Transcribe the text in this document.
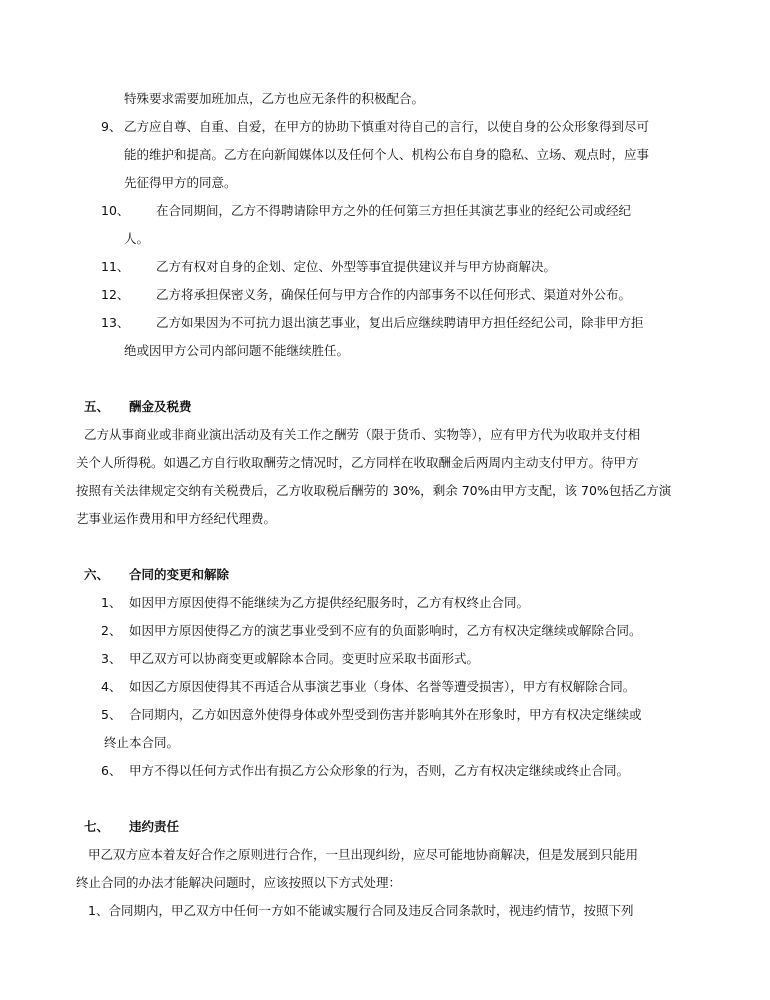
特殊要求需要加班加点，乙方也应无条件的积极配合。
9、 乙方应自尊、自重、自爱，在甲方的协助下慎重对待自己的言行，以使自身的公众形象得到尽可
能的维护和提高。乙方在向新闻媒体以及任何个人、机构公布自身的隐私、立场、观点时，应事
先征得甲方的同意。
10、 在合同期间，乙方不得聘请除甲方之外的任何第三方担任其演艺事业的经纪公司或经纪
人。
11、 乙方有权对自身的企划、定位、外型等事宜提供建议并与甲方协商解决。
12、 乙方将承担保密义务，确保任何与甲方合作的内部事务不以任何形式、渠道对外公布。
13、 乙方如果因为不可抗力退出演艺事业，复出后应继续聘请甲方担任经纪公司，除非甲方拒
绝或因甲方公司内部问题不能继续胜任。
五、 酬金及税费
乙方从事商业或非商业演出活动及有关工作之酬劳（限于货币、实物等），应有甲方代为收取并支付相
关个人所得税。如遇乙方自行收取酬劳之情况时，乙方同样在收取酬金后两周内主动支付甲方。待甲方
按照有关法律规定交纳有关税费后，乙方收取税后酬劳的 30%，剩余 70%由甲方支配，该 70%包括乙方演
艺事业运作费用和甲方经纪代理费。
六、 合同的变更和解除
1、 如因甲方原因使得不能继续为乙方提供经纪服务时，乙方有权终止合同。
2、 如因甲方原因使得乙方的演艺事业受到不应有的负面影响时，乙方有权决定继续或解除合同。
3、 甲乙双方可以协商变更或解除本合同。变更时应采取书面形式。
4、 如因乙方原因使得其不再适合从事演艺事业（身体、名誉等遭受损害），甲方有权解除合同。
5、 合同期内，乙方如因意外使得身体或外型受到伤害并影响其外在形象时，甲方有权决定继续或
终止本合同。
6、 甲方不得以任何方式作出有损乙方公众形象的行为，否则，乙方有权决定继续或终止合同。
七、 违约责任
甲乙双方应本着友好合作之原则进行合作，一旦出现纠纷，应尽可能地协商解决，但是发展到只能用
终止合同的办法才能解决问题时，应该按照以下方式处理：
1、合同期内，甲乙双方中任何一方如不能诚实履行合同及违反合同条款时，视违约情节，按照下列
